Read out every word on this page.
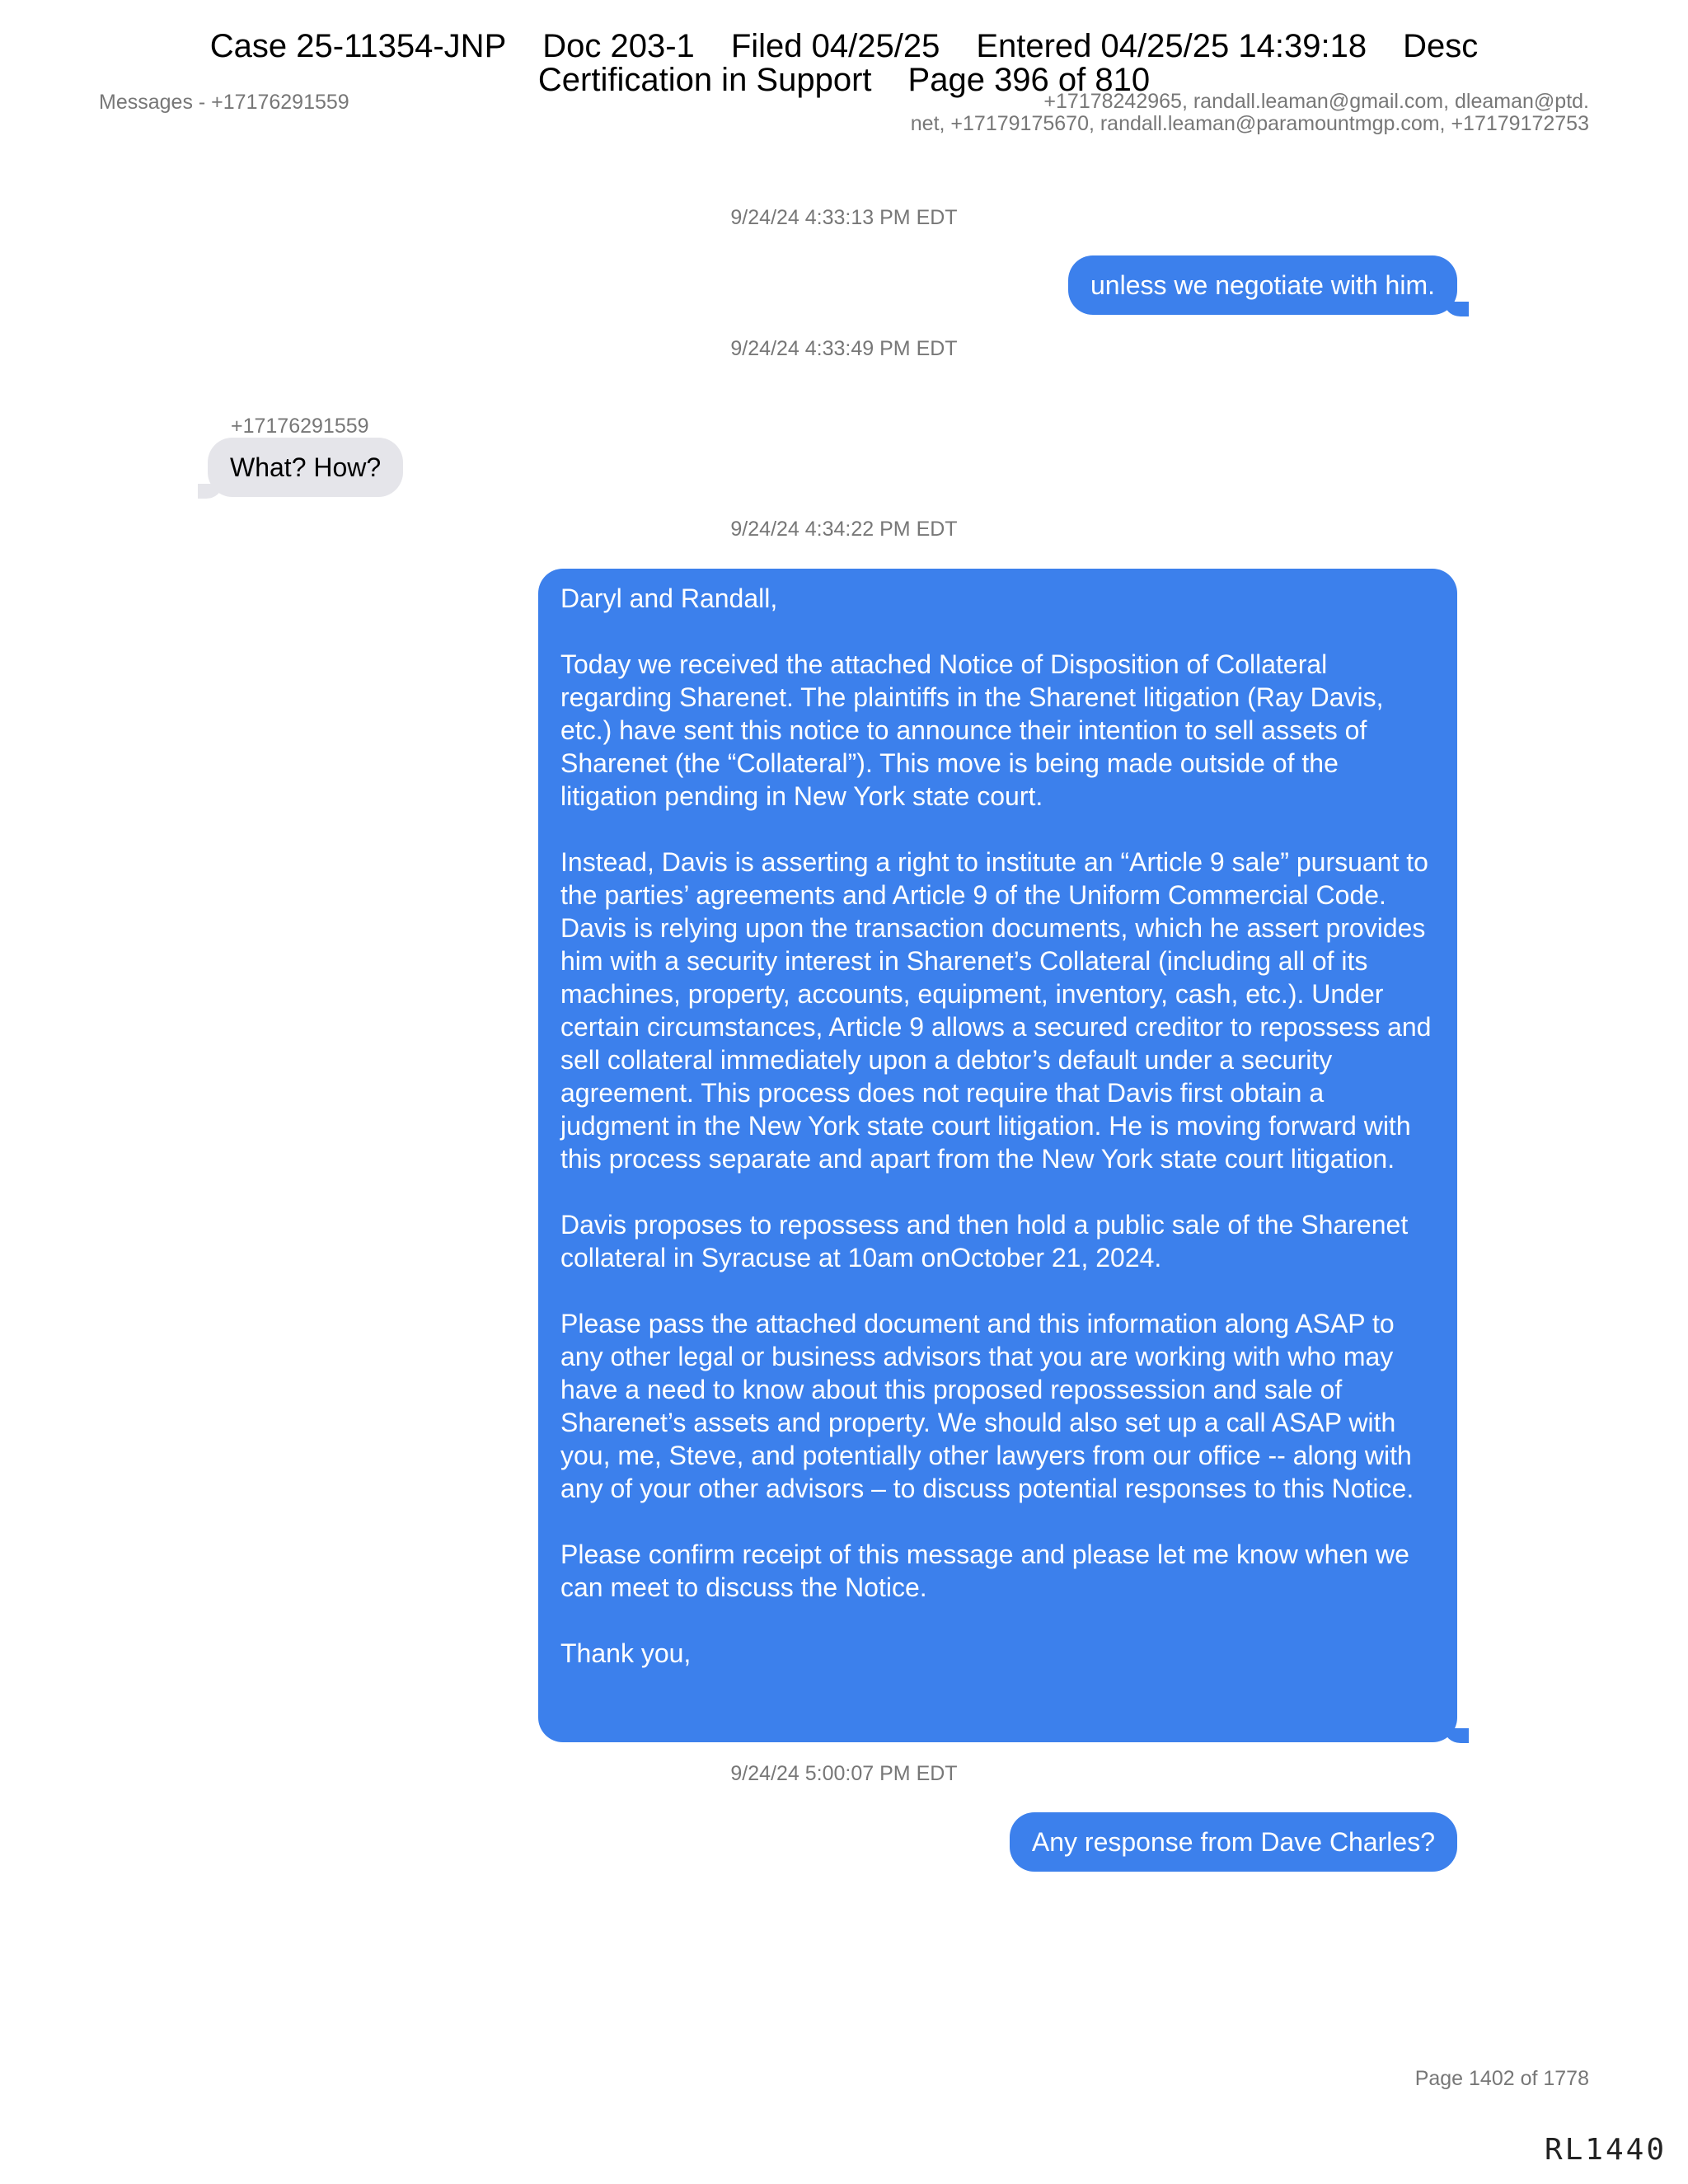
Case 25-11354-JNP Doc 203-1 Filed 04/25/25 Entered 04/25/25 14:39:18 Desc
Certification in Support Page 396 of 810
Messages - +17176291559	+17178242965, randall.leaman@gmail.com, dleaman@ptd.
net, +17179175670, randall.leaman@paramountmgp.com, +17179172753
9/24/24 4:33:13 PM EDT
unless we negotiate with him.
9/24/24 4:33:49 PM EDT
+17176291559
What? How?
9/24/24 4:34:22 PM EDT

Daryl and Randall,

Today we received the attached Notice of Disposition of Collateral regarding Sharenet. The plaintiffs in the Sharenet litigation (Ray Davis, etc.) have sent this notice to announce their intention to sell assets of Sharenet (the “Collateral”). This move is being made outside of the litigation pending in New York state court.

Instead, Davis is asserting a right to institute an “Article 9 sale” pursuant to the parties’ agreements and Article 9 of the Uniform Commercial Code. Davis is relying upon the transaction documents, which he assert provides him with a security interest in Sharenet’s Collateral (including all of its machines, property, accounts, equipment, inventory, cash, etc.). Under certain circumstances, Article 9 allows a secured creditor to repossess and sell collateral immediately upon a debtor’s default under a security agreement. This process does not require that Davis first obtain a judgment in the New York state court litigation. He is moving forward with this process separate and apart from the New York state court litigation.

Davis proposes to repossess and then hold a public sale of the Sharenet collateral in Syracuse at 10am onOctober 21, 2024.

Please pass the attached document and this information along ASAP to any other legal or business advisors that you are working with who may have a need to know about this proposed repossession and sale of Sharenet’s assets and property. We should also set up a call ASAP with you, me, Steve, and potentially other lawyers from our office -- along with any of your other advisors – to discuss potential responses to this Notice.

Please confirm receipt of this message and please let me know when we can meet to discuss the Notice.

Thank you,

9/24/24 5:00:07 PM EDT
Any response from Dave Charles?
Page 1402 of 1778
RL1440
